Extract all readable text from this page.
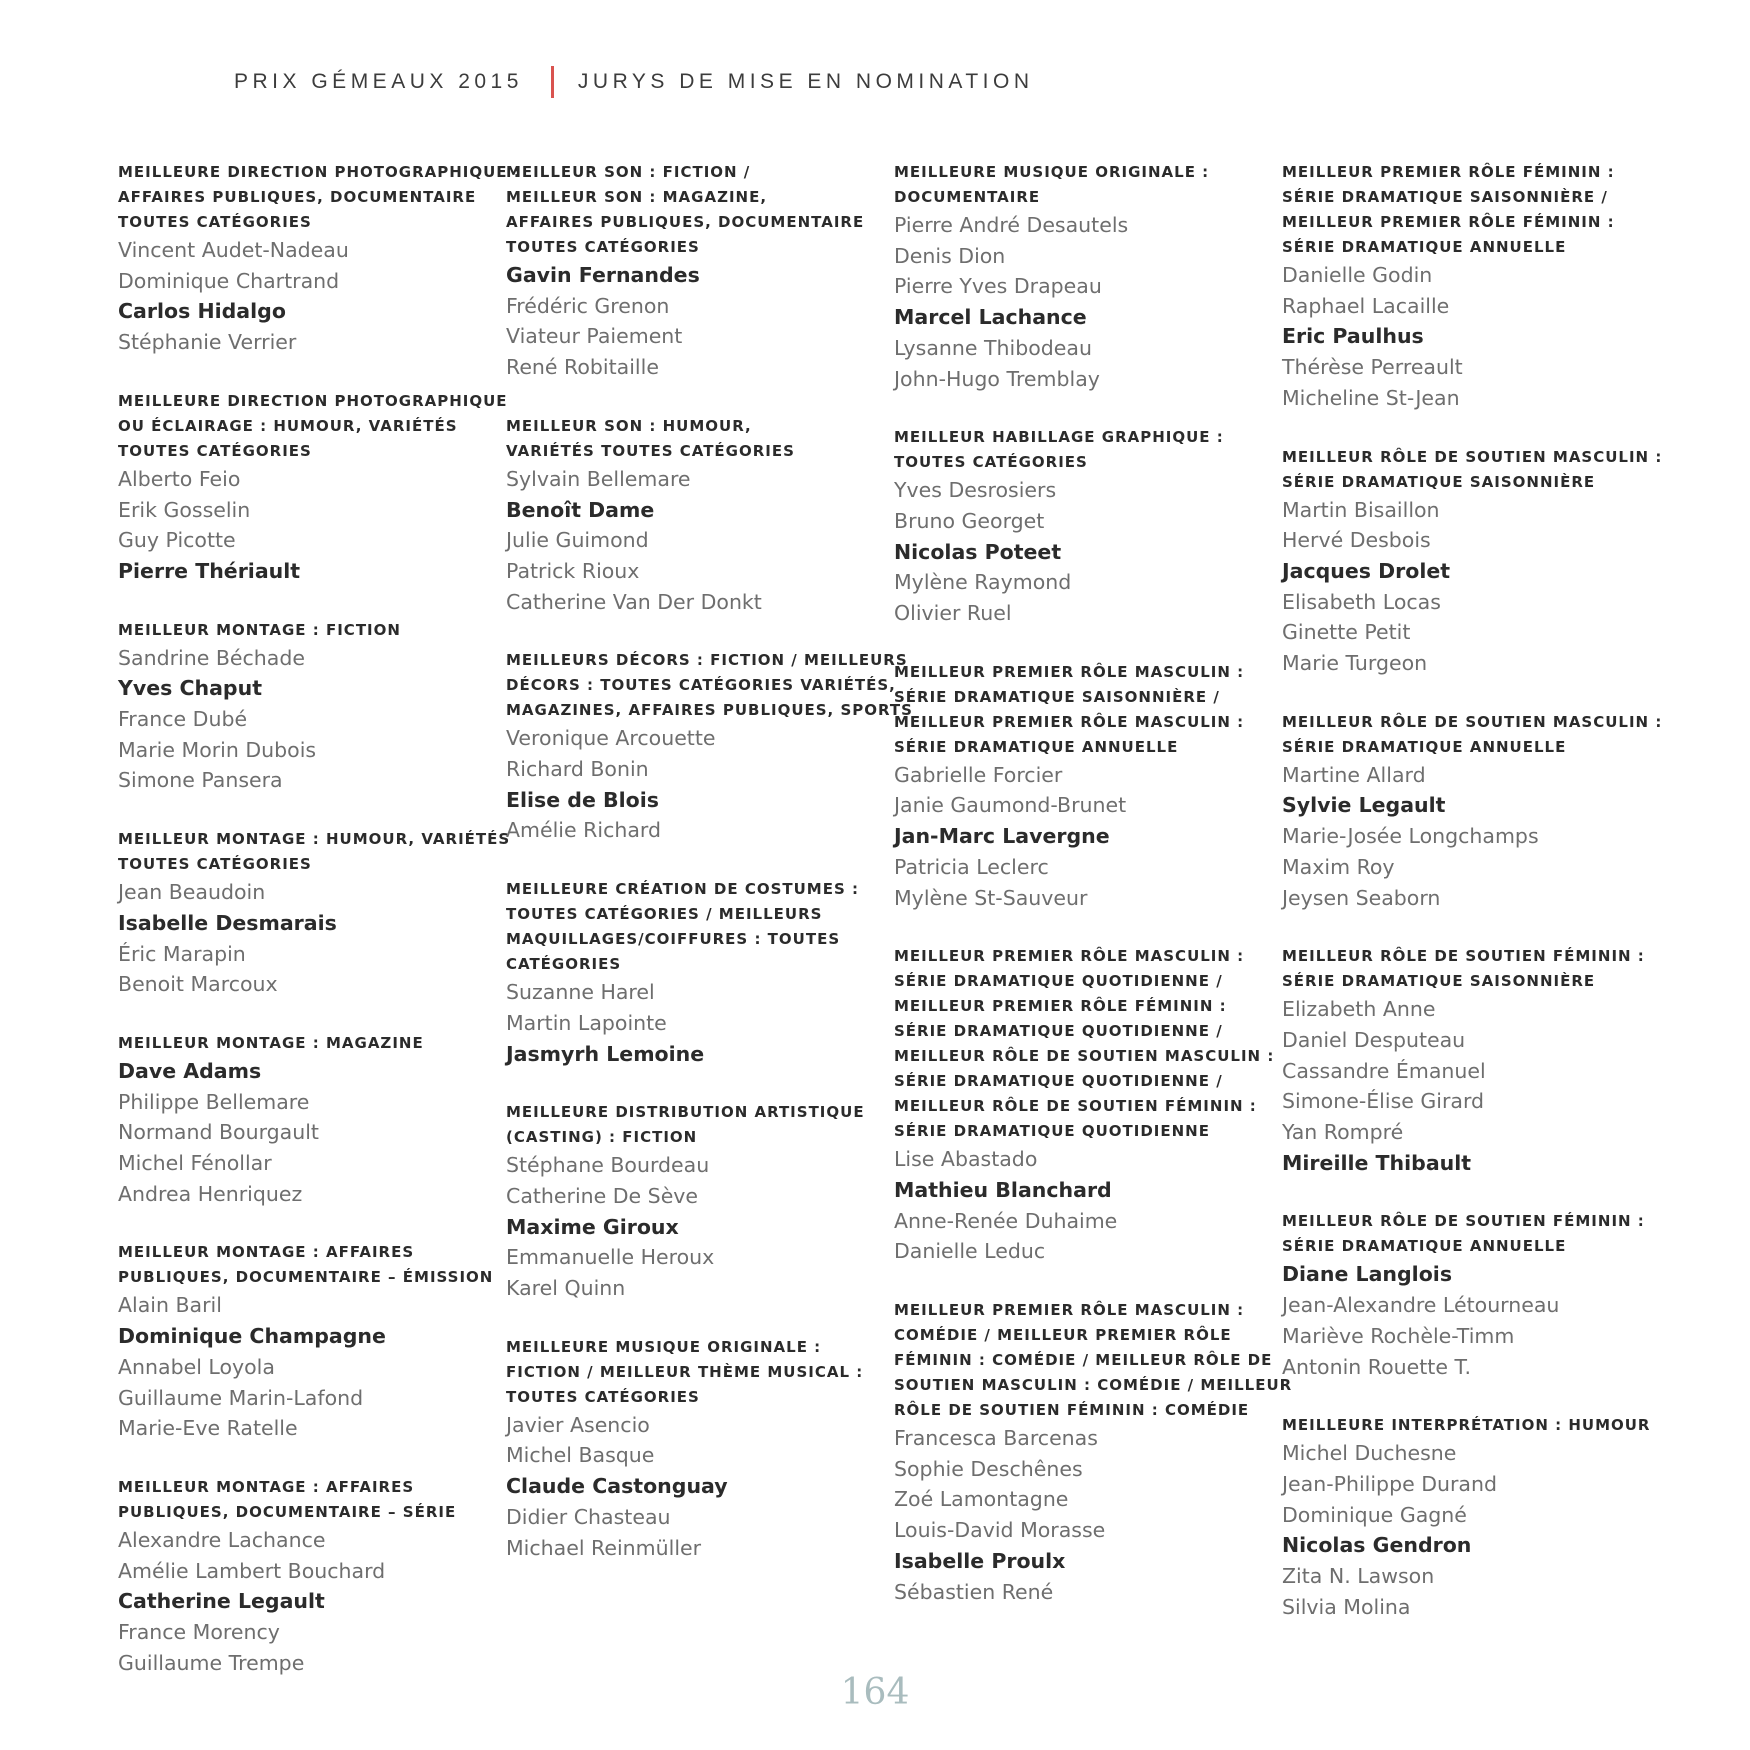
PRIX GÉMEAUX 2015	JURYS DE MISE EN NOMINATION
MEILLEURE DIRECTION PHOTOGRAPHIQUE :
AFFAIRES PUBLIQUES, DOCUMENTAIRE
TOUTES CATÉGORIES
Vincent Audet-Nadeau
Dominique Chartrand
Carlos Hidalgo
Stéphanie Verrier
MEILLEURE DIRECTION PHOTOGRAPHIQUE
OU ÉCLAIRAGE : HUMOUR, VARIÉTÉS
TOUTES CATÉGORIES
Alberto Feio
Erik Gosselin
Guy Picotte
Pierre Thériault
MEILLEUR MONTAGE : FICTION
Sandrine Béchade
Yves Chaput
France Dubé
Marie Morin Dubois
Simone Pansera
MEILLEUR MONTAGE : HUMOUR, VARIÉTÉS
TOUTES CATÉGORIES
Jean Beaudoin
Isabelle Desmarais
Éric Marapin
Benoit Marcoux
MEILLEUR MONTAGE : MAGAZINE
Dave Adams
Philippe Bellemare
Normand Bourgault
Michel Fénollar
Andrea Henriquez
MEILLEUR MONTAGE : AFFAIRES
PUBLIQUES, DOCUMENTAIRE – ÉMISSION
Alain Baril
Dominique Champagne
Annabel Loyola
Guillaume Marin-Lafond
Marie-Eve Ratelle
MEILLEUR MONTAGE : AFFAIRES
PUBLIQUES, DOCUMENTAIRE – SÉRIE
Alexandre Lachance
Amélie Lambert Bouchard
Catherine Legault
France Morency
Guillaume Trempe
MEILLEUR SON : FICTION /
MEILLEUR SON : MAGAZINE,
AFFAIRES PUBLIQUES, DOCUMENTAIRE
TOUTES CATÉGORIES
Gavin Fernandes
Frédéric Grenon
Viateur Paiement
René Robitaille
MEILLEUR SON : HUMOUR,
VARIÉTÉS TOUTES CATÉGORIES
Sylvain Bellemare
Benoît Dame
Julie Guimond
Patrick Rioux
Catherine Van Der Donkt
MEILLEURS DÉCORS : FICTION / MEILLEURS
DÉCORS : TOUTES CATÉGORIES VARIÉTÉS,
MAGAZINES, AFFAIRES PUBLIQUES, SPORTS
Veronique Arcouette
Richard Bonin
Elise de Blois
Amélie Richard
MEILLEURE CRÉATION DE COSTUMES :
TOUTES CATÉGORIES / MEILLEURS
MAQUILLAGES/COIFFURES : TOUTES
CATÉGORIES
Suzanne Harel
Martin Lapointe
Jasmyrh Lemoine
MEILLEURE DISTRIBUTION ARTISTIQUE
(CASTING) : FICTION
Stéphane Bourdeau
Catherine De Sève
Maxime Giroux
Emmanuelle Heroux
Karel Quinn
MEILLEURE MUSIQUE ORIGINALE :
FICTION / MEILLEUR THÈME MUSICAL :
TOUTES CATÉGORIES
Javier Asencio
Michel Basque
Claude Castonguay
Didier Chasteau
Michael Reinmüller
MEILLEURE MUSIQUE ORIGINALE :
DOCUMENTAIRE
Pierre André Desautels
Denis Dion
Pierre Yves Drapeau
Marcel Lachance
Lysanne Thibodeau
John-Hugo Tremblay
MEILLEUR HABILLAGE GRAPHIQUE :
TOUTES CATÉGORIES
Yves Desrosiers
Bruno Georget
Nicolas Poteet
Mylène Raymond
Olivier Ruel
MEILLEUR PREMIER RÔLE MASCULIN :
SÉRIE DRAMATIQUE SAISONNIÈRE /
MEILLEUR PREMIER RÔLE MASCULIN :
SÉRIE DRAMATIQUE ANNUELLE
Gabrielle Forcier
Janie Gaumond-Brunet
Jan-Marc Lavergne
Patricia Leclerc
Mylène St-Sauveur
MEILLEUR PREMIER RÔLE MASCULIN :
SÉRIE DRAMATIQUE QUOTIDIENNE /
MEILLEUR PREMIER RÔLE FÉMININ :
SÉRIE DRAMATIQUE QUOTIDIENNE /
MEILLEUR RÔLE DE SOUTIEN MASCULIN :
SÉRIE DRAMATIQUE QUOTIDIENNE /
MEILLEUR RÔLE DE SOUTIEN FÉMININ :
SÉRIE DRAMATIQUE QUOTIDIENNE
Lise Abastado
Mathieu Blanchard
Anne-Renée Duhaime
Danielle Leduc
MEILLEUR PREMIER RÔLE MASCULIN :
COMÉDIE / MEILLEUR PREMIER RÔLE
FÉMININ : COMÉDIE / MEILLEUR RÔLE DE
SOUTIEN MASCULIN : COMÉDIE / MEILLEUR
RÔLE DE SOUTIEN FÉMININ : COMÉDIE
Francesca Barcenas
Sophie Deschênes
Zoé Lamontagne
Louis-David Morasse
Isabelle Proulx
Sébastien René
MEILLEUR PREMIER RÔLE FÉMININ :
SÉRIE DRAMATIQUE SAISONNIÈRE /
MEILLEUR PREMIER RÔLE FÉMININ :
SÉRIE DRAMATIQUE ANNUELLE
Danielle Godin
Raphael Lacaille
Eric Paulhus
Thérèse Perreault
Micheline St-Jean
MEILLEUR RÔLE DE SOUTIEN MASCULIN :
SÉRIE DRAMATIQUE SAISONNIÈRE
Martin Bisaillon
Hervé Desbois
Jacques Drolet
Elisabeth Locas
Ginette Petit
Marie Turgeon
MEILLEUR RÔLE DE SOUTIEN MASCULIN :
SÉRIE DRAMATIQUE ANNUELLE
Martine Allard
Sylvie Legault
Marie-Josée Longchamps
Maxim Roy
Jeysen Seaborn
MEILLEUR RÔLE DE SOUTIEN FÉMININ :
SÉRIE DRAMATIQUE SAISONNIÈRE
Elizabeth Anne
Daniel Desputeau
Cassandre Émanuel
Simone-Élise Girard
Yan Rompré
Mireille Thibault
MEILLEUR RÔLE DE SOUTIEN FÉMININ :
SÉRIE DRAMATIQUE ANNUELLE
Diane Langlois
Jean-Alexandre Létourneau
Mariève Rochèle-Timm
Antonin Rouette T.
MEILLEURE INTERPRÉTATION : HUMOUR
Michel Duchesne
Jean-Philippe Durand
Dominique Gagné
Nicolas Gendron
Zita N. Lawson
Silvia Molina
164
